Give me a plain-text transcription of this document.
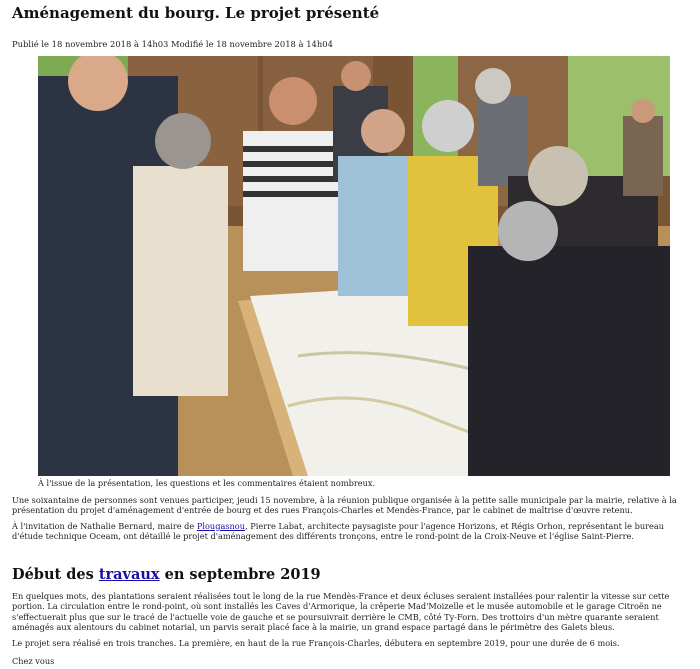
Aménagement du bourg. Le projet présenté
Publié le 18 novembre 2018 à 14h03 Modifié le 18 novembre 2018 à 14h04
À l'issue de la présentation, les questions et les commentaires étaient nombreux.

Une soixantaine de personnes sont venues participer, jeudi 15 novembre, à la réunion publique organisée à la petite salle municipale par la mairie, relative à la présentation du projet d'aménagement d'entrée de bourg et des rues François-Charles et Mendès-France, par le cabinet de maîtrise d'œuvre retenu.

À l'invitation de Nathalie Bernard, maire de Plougasnou, Pierre Labat, architecte paysagiste pour l'agence Horizons, et Régis Orhon, représentant le bureau d'étude technique Oceam, ont détaillé le projet d'aménagement des différents tronçons, entre le rond-point de la Croix-Neuve et l'église Saint-Pierre.

Début des travaux en septembre 2019

En quelques mots, des plantations seraient réalisées tout le long de la rue Mendès-France et deux écluses seraient installées pour ralentir la vitesse sur cette portion. La circulation entre le rond-point, où sont installés les Caves d'Armorique, la crêperie Mad'Moizelle et le musée automobile et le garage Citroën ne s'effectuerait plus que sur le tracé de l'actuelle voie de gauche et se poursuivrait derrière le CMB, côté Ty-Forn. Des trottoirs d'un mètre quarante seraient aménagés aux alentours du cabinet notarial, un parvis serait placé face à la mairie, un grand espace partagé dans le périmètre des Galets bleus.

Le projet sera réalisé en trois tranches. La première, en haut de la rue François-Charles, débutera en septembre 2019, pour une durée de 6 mois.

Chez vous
